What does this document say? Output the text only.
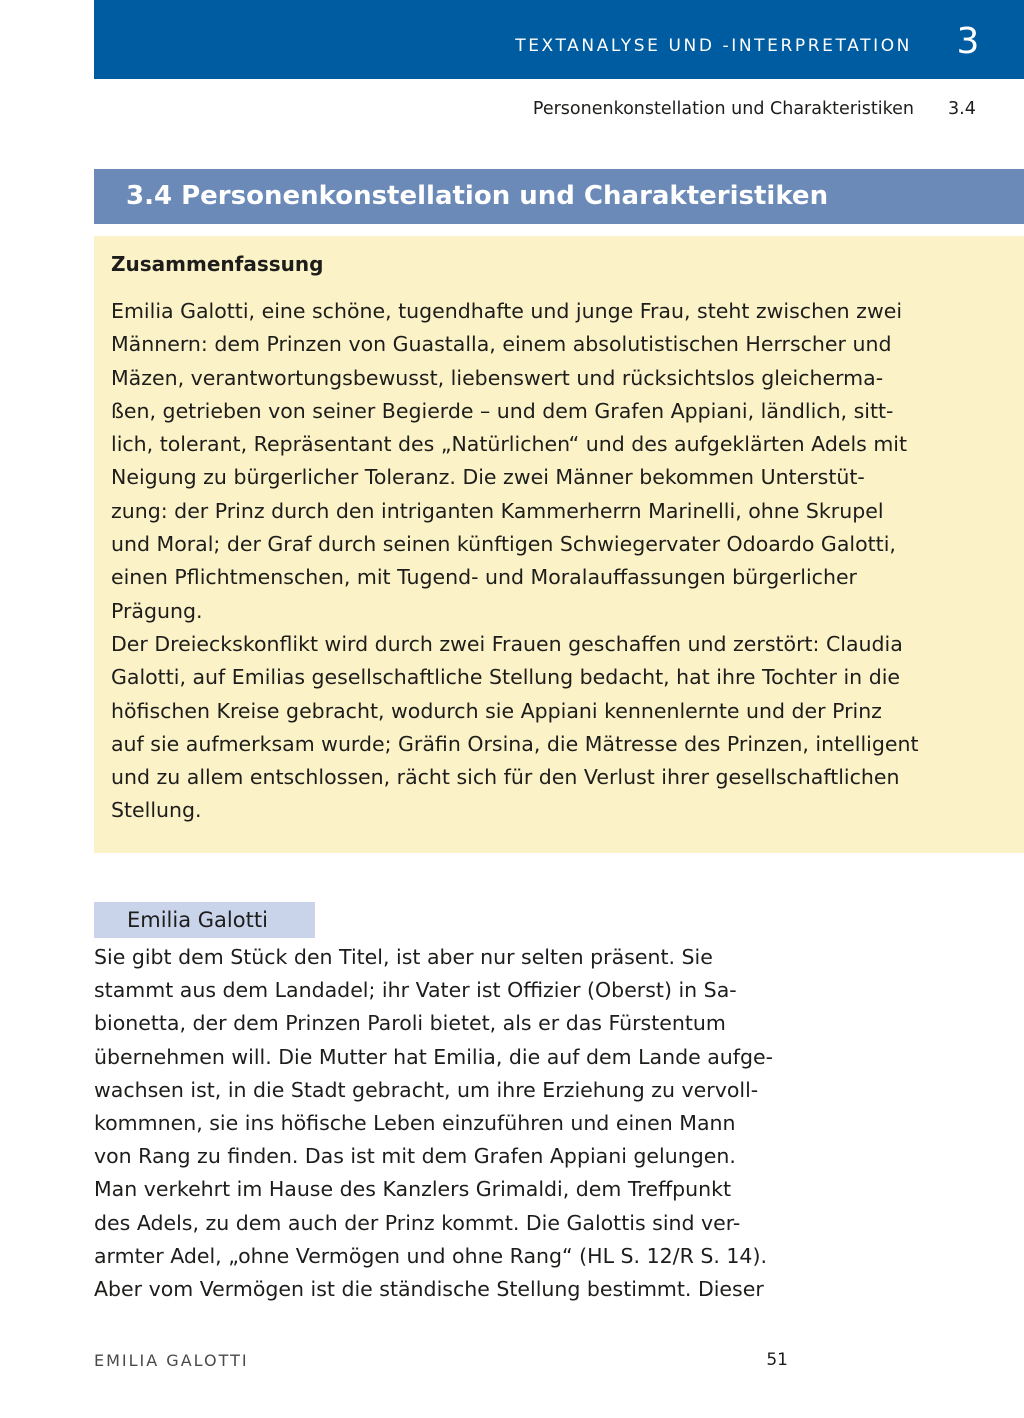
TEXTANALYSE UND -INTERPRETATION	3
Personenkonstellation und Charakteristiken 3.4
3.4 Personenkonstellation und Charakteristiken
Zusammenfassung
Emilia Galotti, eine schöne, tugendhafte und junge Frau, steht zwischen zwei
Männern: dem Prinzen von Guastalla, einem absolutistischen Herrscher und
Mäzen, verantwortungsbewusst, liebenswert und rücksichtslos gleicherma-
ßen, getrieben von seiner Begierde – und dem Grafen Appiani, ländlich, sitt-
lich, tolerant, Repräsentant des „Natürlichen“ und des aufgeklärten Adels mit
Neigung zu bürgerlicher Toleranz. Die zwei Männer bekommen Unterstüt-
zung: der Prinz durch den intriganten Kammerherrn Marinelli, ohne Skrupel
und Moral; der Graf durch seinen künftigen Schwiegervater Odoardo Galotti,
einen Pflichtmenschen, mit Tugend- und Moralauffassungen bürgerlicher
Prägung.
Der Dreieckskonflikt wird durch zwei Frauen geschaffen und zerstört: Claudia
Galotti, auf Emilias gesellschaftliche Stellung bedacht, hat ihre Tochter in die
höfischen Kreise gebracht, wodurch sie Appiani kennenlernte und der Prinz
auf sie aufmerksam wurde; Gräfin Orsina, die Mätresse des Prinzen, intelligent
und zu allem entschlossen, rächt sich für den Verlust ihrer gesellschaftlichen
Stellung.
Emilia Galotti
Sie gibt dem Stück den Titel, ist aber nur selten präsent. Sie
stammt aus dem Landadel; ihr Vater ist Offizier (Oberst) in Sa-
bionetta, der dem Prinzen Paroli bietet, als er das Fürstentum
übernehmen will. Die Mutter hat Emilia, die auf dem Lande aufge-
wachsen ist, in die Stadt gebracht, um ihre Erziehung zu vervoll-
kommnen, sie ins höfische Leben einzuführen und einen Mann
von Rang zu finden. Das ist mit dem Grafen Appiani gelungen.
Man verkehrt im Hause des Kanzlers Grimaldi, dem Treffpunkt
des Adels, zu dem auch der Prinz kommt. Die Galottis sind ver-
armter Adel, „ohne Vermögen und ohne Rang“ (HL S. 12/R S. 14).
Aber vom Vermögen ist die ständische Stellung bestimmt. Dieser
EMILIA GALOTTI	51
